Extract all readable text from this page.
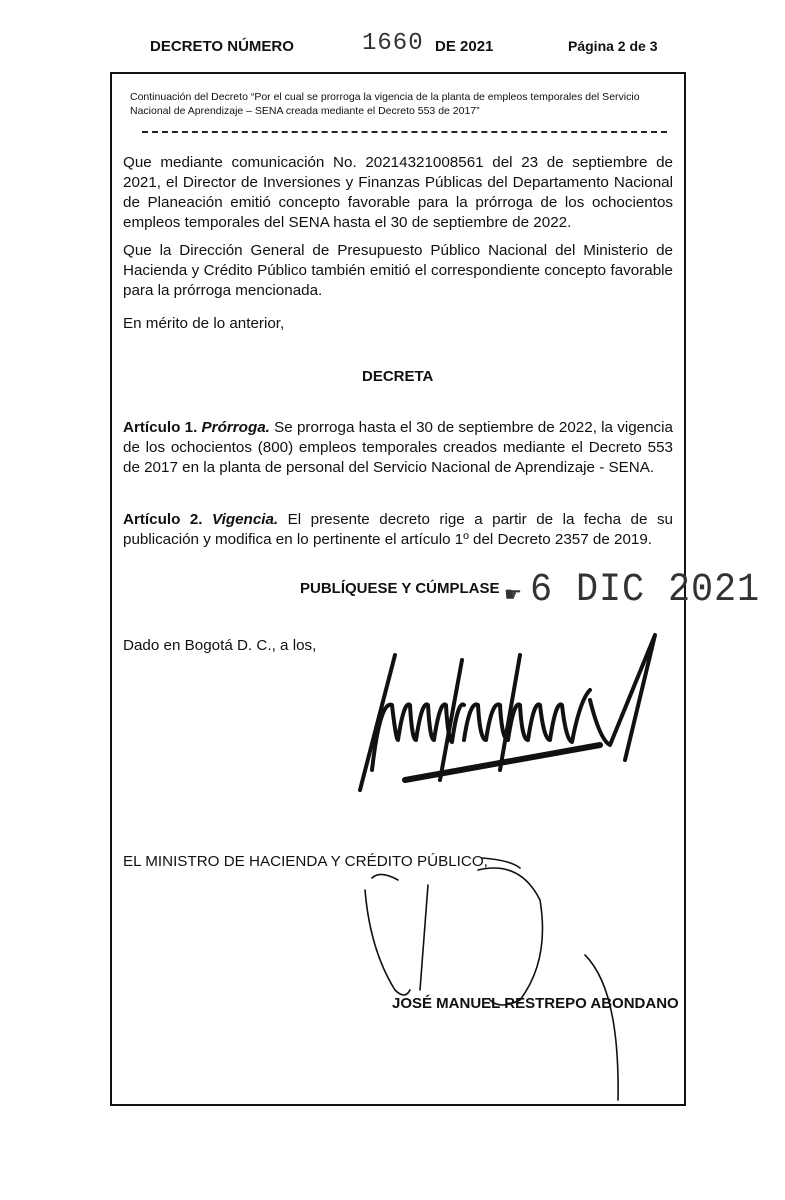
DECRETO NÚMERO	1660 DE 2021	Página 2 de 3
Continuación del Decreto “Por el cual se prorroga la vigencia de la planta de empleos temporales del Servicio Nacional de Aprendizaje – SENA creada mediante el Decreto 553 de 2017”
Que mediante comunicación No. 20214321008561 del 23 de septiembre de 2021, el Director de Inversiones y Finanzas Públicas del Departamento Nacional de Planeación emitió concepto favorable para la prórroga de los ochocientos empleos temporales del SENA hasta el 30 de septiembre de 2022.
Que la Dirección General de Presupuesto Público Nacional del Ministerio de Hacienda y Crédito Público también emitió el correspondiente concepto favorable para la prórroga mencionada.
En mérito de lo anterior,
DECRETA
Artículo 1. Prórroga. Se prorroga hasta el 30 de septiembre de 2022, la vigencia de los ochocientos (800) empleos temporales creados mediante el Decreto 553 de 2017 en la planta de personal del Servicio Nacional de Aprendizaje - SENA.
Artículo 2. Vigencia. El presente decreto rige a partir de la fecha de su publicación y modifica en lo pertinente el artículo 1º del Decreto 2357 de 2019.
PUBLÍQUESE Y CÚMPLASE ☛ 6 DIC 2021
Dado en Bogotá D. C., a los,
EL MINISTRO DE HACIENDA Y CRÉDITO PÚBLICO,
JOSÉ MANUEL RESTREPO ABONDANO
